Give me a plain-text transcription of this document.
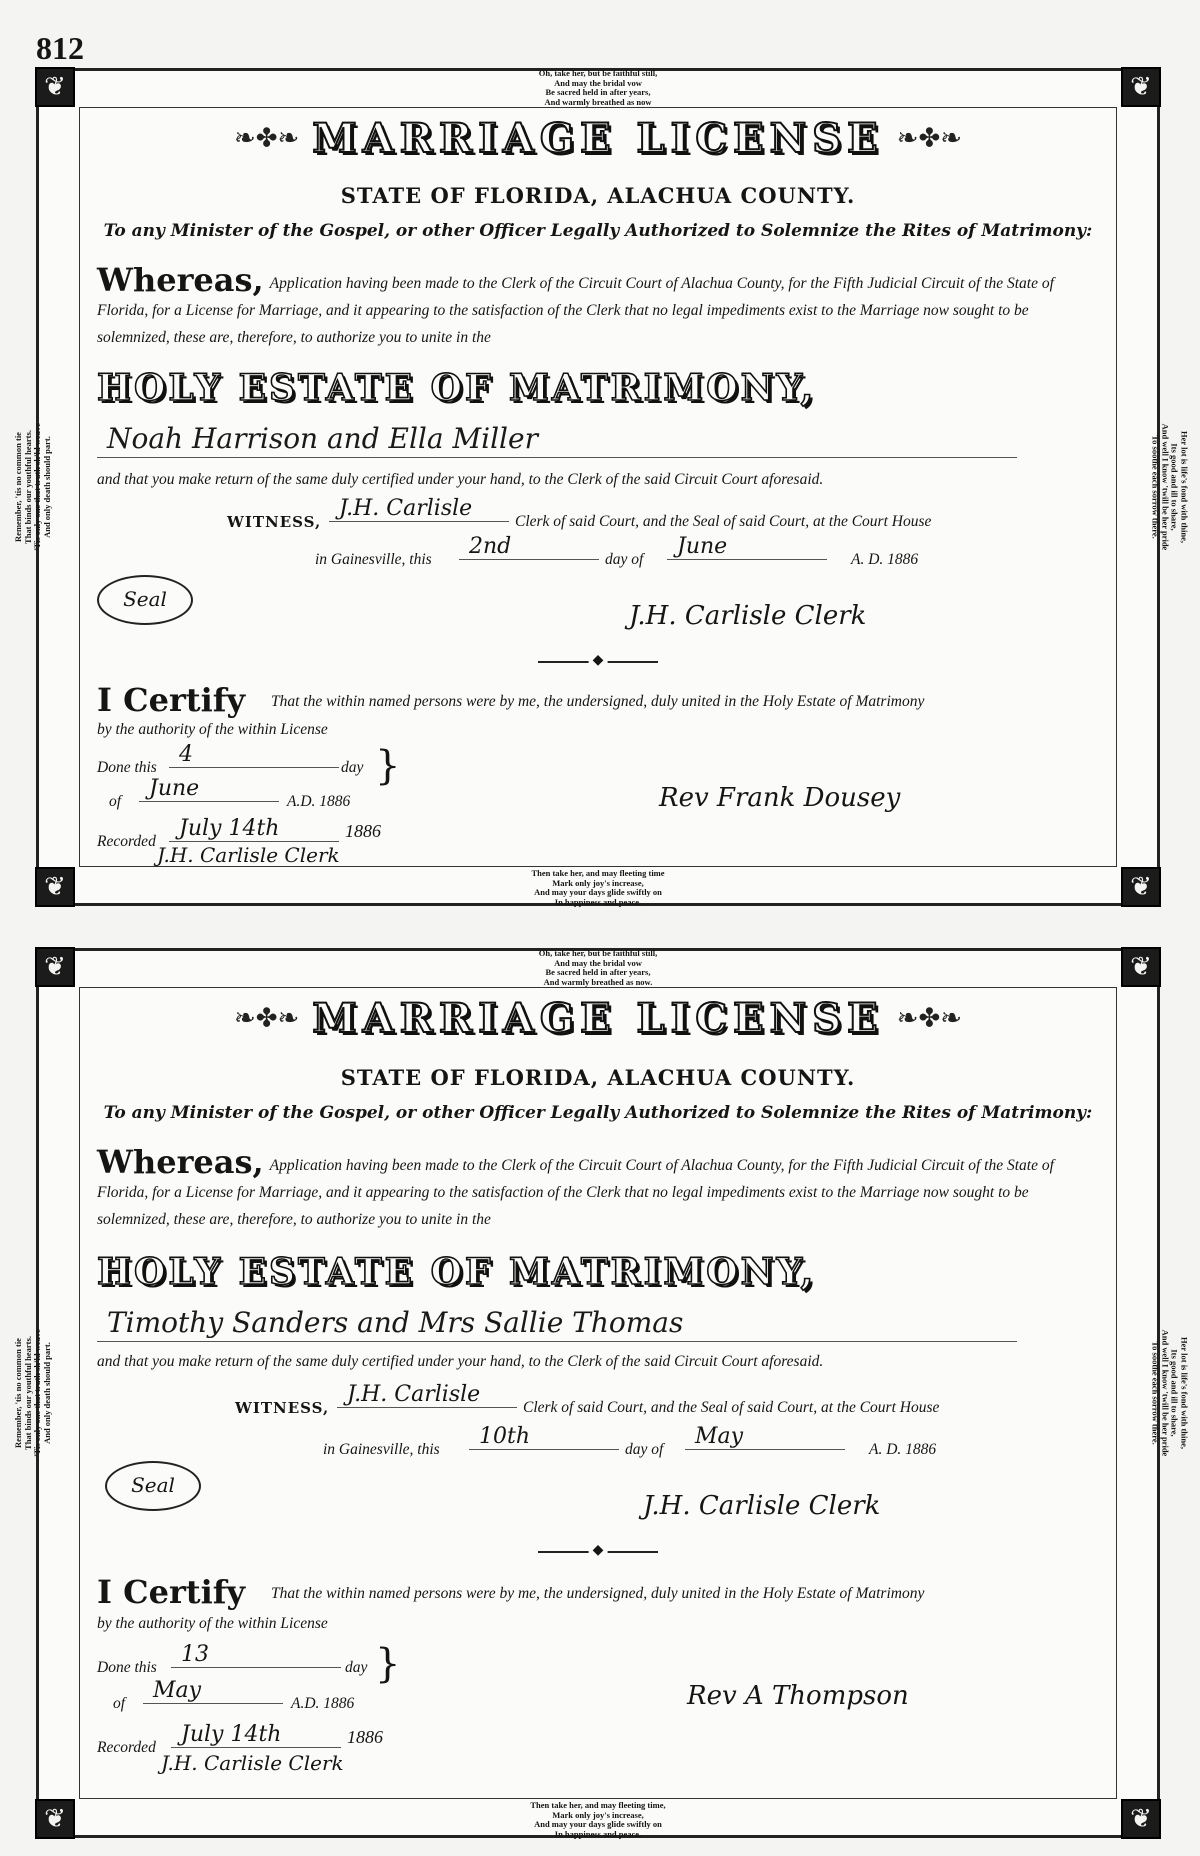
812
❦	❦
❦	❦
Oh, take her, but be faithful still,
And may the bridal vow
Be sacred held in after years,
And warmly breathed as now
Then take her, and may fleeting time
Mark only joy's increase,
And may your days glide swiftly on
In happiness and peace.
Remember, 'tis no common tie
That binds our youthful hearts.
'Tis only one that truth sh'ld weave
And only death should part.	Her lot is life's fond with thine,
Its good and ill to share,
And well I know 'twill be her pride
To soothe each sorrow there.
❧✤❧ MARRIAGE LICENSE ❧✤❧
STATE OF FLORIDA, ALACHUA COUNTY.
To any Minister of the Gospel, or other Officer Legally Authorized to Solemnize the Rites of Matrimony:
Whereas, Application having been made to the Clerk of the Circuit Court of Alachua County, for the Fifth Judicial Circuit of the State of Florida, for a License for Marriage, and it appearing to the satisfaction of the Clerk that no legal impediments exist to the Marriage now sought to be solemnized, these are, therefore, to authorize you to unite in the
HOLY ESTATE OF MATRIMONY,
Noah Harrison and Ella Miller
and that you make return of the same duly certified under your hand, to the Clerk of the said Circuit Court aforesaid.
WITNESS,
J.H. Carlisle
Clerk of said Court, and the Seal of said Court, at the Court House
in Gainesville, this
2nd
day of
June
A. D. 1886
Seal
J.H. Carlisle Clerk
◆
I Certify That the within named persons were by me, the undersigned, duly united in the Holy Estate of Matrimony
by the authority of the within License
Done this
4
day
of
June
A.D. 1886
}
Recorded
July 14th	1886
J.H. Carlisle Clerk
Rev Frank Dousey
❦	❦
❦	❦
Oh, take her, but be faithful still,
And may the bridal vow
Be sacred held in after years,
And warmly breathed as now.
Then take her, and may fleeting time,
Mark only joy's increase,
And may your days glide swiftly on
In happiness and peace.
Remember, 'tis no common tie
That binds our youthful hearts.
'Tis only one that truth sh'ld weave
And only death should part.	Her lot is life's fond with thine,
Its good and ill to share,
And well I know 'twill be her pride
To soothe each sorrow there.
❧✤❧ MARRIAGE LICENSE ❧✤❧
STATE OF FLORIDA, ALACHUA COUNTY.
To any Minister of the Gospel, or other Officer Legally Authorized to Solemnize the Rites of Matrimony:
Whereas, Application having been made to the Clerk of the Circuit Court of Alachua County, for the Fifth Judicial Circuit of the State of Florida, for a License for Marriage, and it appearing to the satisfaction of the Clerk that no legal impediments exist to the Marriage now sought to be solemnized, these are, therefore, to authorize you to unite in the
HOLY ESTATE OF MATRIMONY,
Timothy Sanders and Mrs Sallie Thomas
and that you make return of the same duly certified under your hand, to the Clerk of the said Circuit Court aforesaid.
WITNESS,
J.H. Carlisle
Clerk of said Court, and the Seal of said Court, at the Court House
in Gainesville, this
10th
day of
May
A. D. 1886
Seal
J.H. Carlisle Clerk
◆
I Certify That the within named persons were by me, the undersigned, duly united in the Holy Estate of Matrimony
by the authority of the within License
Done this
13
day
of
May
A.D. 1886
}
Recorded
July 14th	1886
J.H. Carlisle Clerk
Rev A Thompson
